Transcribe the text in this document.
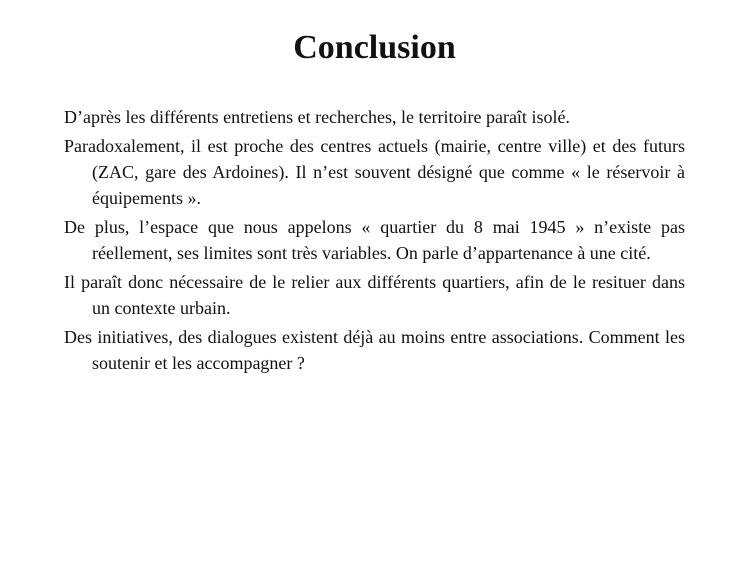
Conclusion
D’après les différents entretiens et recherches, le territoire paraît isolé.
Paradoxalement, il est proche des centres actuels (mairie, centre ville) et des futurs (ZAC, gare des Ardoines). Il n’est souvent désigné que comme « le réservoir à équipements ».
De plus, l’espace que nous appelons « quartier du 8 mai 1945 » n’existe pas réellement, ses limites sont très variables. On parle d’appartenance à une cité.
Il paraît donc nécessaire de le relier aux différents quartiers, afin de le resituer dans un contexte urbain.
Des initiatives, des dialogues existent déjà au moins entre associations. Comment les soutenir et les accompagner ?
